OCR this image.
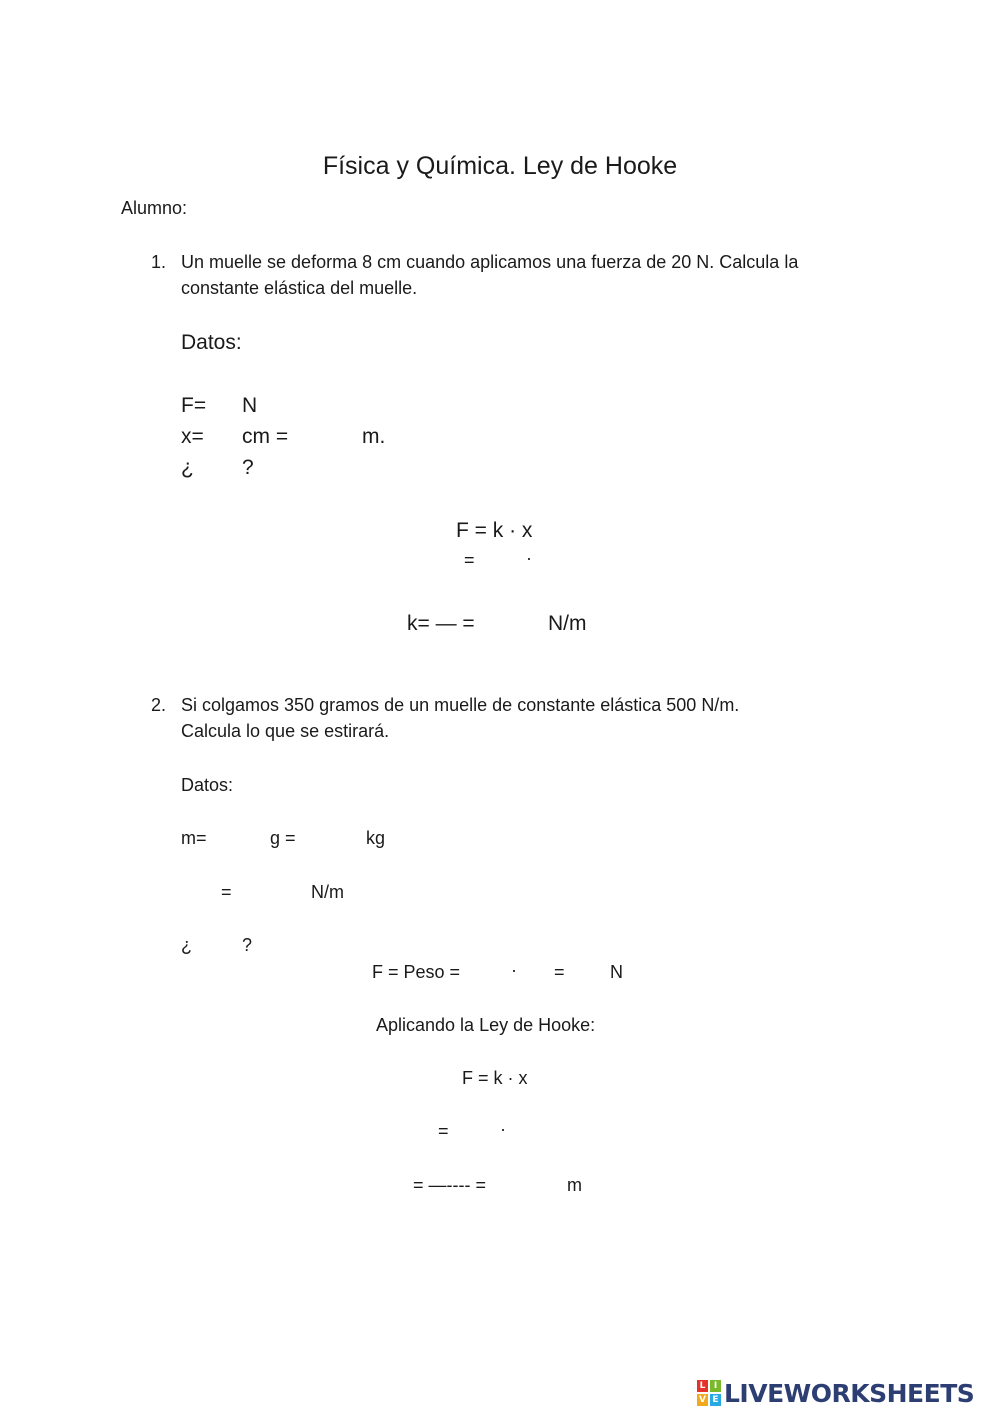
Física y Química. Ley de Hooke
Alumno:
1. Un muelle se deforma 8 cm cuando aplicamos una fuerza de 20 N. Calcula la
constante elástica del muelle.
Datos:
F= N
x= cm =	m.
¿ ?
F = k · x
=	·
k= — =	N/m
2. Si colgamos 350 gramos de un muelle de constante elástica 500 N/m.
Calcula lo que se estirará.
Datos:
m=	g =	kg
=	N/m
¿	?
F = Peso =	· =	N
Aplicando la Ley de Hooke:
F = k · x
=	·
= —---- =	m
L I
V E LIVEWORKSHEETS
